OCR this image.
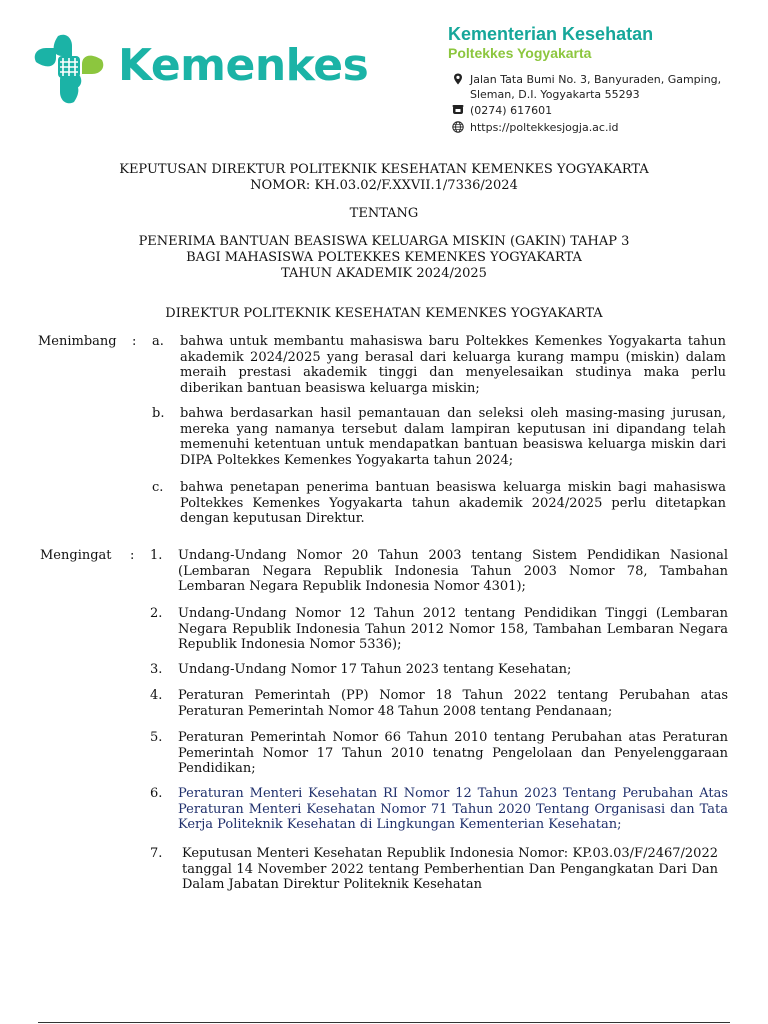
Kemenkes
Kementerian Kesehatan
Poltekkes Yogyakarta
Jalan Tata Bumi No. 3, Banyuraden, Gamping,
Sleman, D.I. Yogyakarta 55293
(0274) 617601
https://poltekkesjogja.ac.id
KEPUTUSAN DIREKTUR POLITEKNIK KESEHATAN KEMENKES YOGYAKARTA
NOMOR: KH.03.02/F.XXVII.1/7336/2024
TENTANG
PENERIMA BANTUAN BEASISWA KELUARGA MISKIN (GAKIN) TAHAP 3
BAGI MAHASISWA POLTEKKES KEMENKES YOGYAKARTA
TAHUN AKADEMIK 2024/2025
DIREKTUR POLITEKNIK KESEHATAN KEMENKES YOGYAKARTA
Menimbang : a. bahwa untuk membantu mahasiswa baru Poltekkes Kemenkes Yogyakarta tahun akademik 2024/2025 yang berasal dari keluarga kurang mampu (miskin) dalam meraih prestasi akademik tinggi dan menyelesaikan studinya maka perlu diberikan bantuan beasiswa keluarga miskin;
b. bahwa berdasarkan hasil pemantauan dan seleksi oleh masing-masing jurusan, mereka yang namanya tersebut dalam lampiran keputusan ini dipandang telah memenuhi ketentuan untuk mendapatkan bantuan beasiswa keluarga miskin dari DIPA Poltekkes Kemenkes Yogyakarta tahun 2024;
c. bahwa penetapan penerima bantuan beasiswa keluarga miskin bagi mahasiswa Poltekkes Kemenkes Yogyakarta tahun akademik 2024/2025 perlu ditetapkan dengan keputusan Direktur.
Mengingat : 1. Undang-Undang Nomor 20 Tahun 2003 tentang Sistem Pendidikan Nasional (Lembaran Negara Republik Indonesia Tahun 2003 Nomor 78, Tambahan Lembaran Negara Republik Indonesia Nomor 4301);
2. Undang-Undang Nomor 12 Tahun 2012 tentang Pendidikan Tinggi (Lembaran Negara Republik Indonesia Tahun 2012 Nomor 158, Tambahan Lembaran Negara Republik Indonesia Nomor 5336);
3. Undang-Undang Nomor 17 Tahun 2023 tentang Kesehatan;
4. Peraturan Pemerintah (PP) Nomor 18 Tahun 2022 tentang Perubahan atas Peraturan Pemerintah Nomor 48 Tahun 2008 tentang Pendanaan;
5. Peraturan Pemerintah Nomor 66 Tahun 2010 tentang Perubahan atas Peraturan Pemerintah Nomor 17 Tahun 2010 tenatng Pengelolaan dan Penyelenggaraan Pendidikan;
6. Peraturan Menteri Kesehatan RI Nomor 12 Tahun 2023 Tentang Perubahan Atas Peraturan Menteri Kesehatan Nomor 71 Tahun 2020 Tentang Organisasi dan Tata Kerja Politeknik Kesehatan di Lingkungan Kementerian Kesehatan;
7. Keputusan Menteri Kesehatan Republik Indonesia Nomor: KP.03.03/F/2467/2022 tanggal 14 November 2022 tentang Pemberhentian Dan Pengangkatan Dari Dan Dalam Jabatan Direktur Politeknik Kesehatan
